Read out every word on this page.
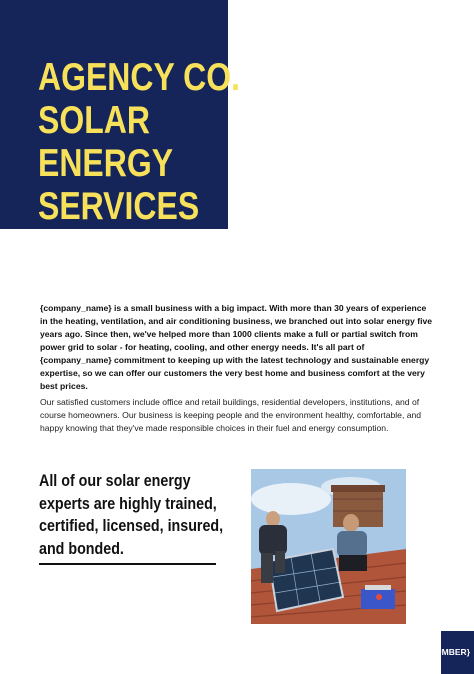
AGENCY CO.
SOLAR
ENERGY
SERVICES

{company_name} is a small business with a big impact. With more than 30 years of experience in the heating, ventilation, and air conditioning business, we branched out into solar energy five years ago. Since then, we've helped more than 1000 clients make a full or partial switch from power grid to solar - for heating, cooling, and other energy needs. It's all part of {company_name} commitment to keeping up with the latest technology and sustainable energy expertise, so we can offer our customers the very best home and business comfort at the very best prices.

Our satisfied customers include office and retail buildings, residential developers, institutions, and of course homeowners. Our business is keeping people and the environment healthy, comfortable, and happy knowing that they've made responsible choices in their fuel and energy consumption.

All of our solar energy
experts are highly trained,
certified, licensed, insured,
and bonded.
{PAGE_NUMBER}
